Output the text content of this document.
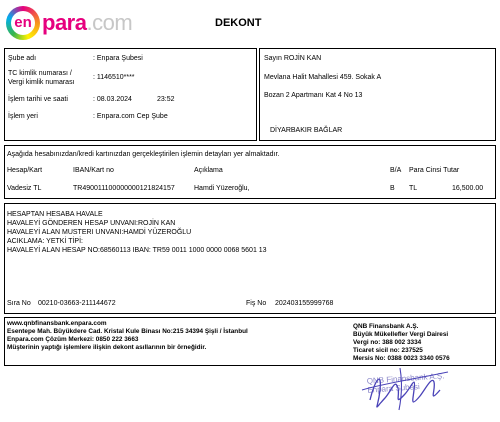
en para.com	DEKONT
Şube adı	: Enpara Şubesi
TC kimlik numarası /
Vergi kimlik numarası
: 1146510****
İşlem tarihi ve saati	: 08.03.2024	23:52
İşlem yeri	: Enpara.com Cep Şube
Sayın ROJİN KAN
Mevlana Halit Mahallesi 459. Sokak A
Bozan 2 Apartmanı Kat 4 No 13
DİYARBAKIR BAĞLAR
Aşağıda hesabınızdan/kredi kartınızdan gerçekleştirilen işlemin detayları yer almaktadır.
Hesap/Kart	IBAN/Kart no	Açıklama	B/A Para Cinsi Tutar
Vadesiz TL	TR490011100000000121824157	Hamdi Yüzeroğlu,	B TL	16,500.00
HESAPTAN HESABA HAVALE
HAVALEYİ GÖNDEREN HESAP UNVANI:ROJİN KAN
HAVALEYİ ALAN MUSTERI UNVANI:HAMDİ YÜZEROĞLU
ACIKLAMA: YETKİ TİPİ:
HAVALEYİ ALAN HESAP NO:68560113 IBAN: TR59 0011 1000 0000 0068 5601 13
Sıra No 00210-03663-211144672	Fiş No 202403155999768
www.qnbfinansbank.enpara.com
Esentepe Mah. Büyükdere Cad. Kristal Kule Binası No:215 34394 Şişli / İstanbul
Enpara.com Çözüm Merkezi: 0850 222 3663
Müşterinin yaptığı işlemlere ilişkin dekont asıllarının bir örneğidir.
QNB Finansbank A.Ş.
Büyük Mükellefler Vergi Dairesi
Vergi no: 388 002 3334
Ticaret sicil no: 237525
Mersis No: 0388 0023 3340 0576
QNB Finansbank A.Ş.
Enpara Şubesi
